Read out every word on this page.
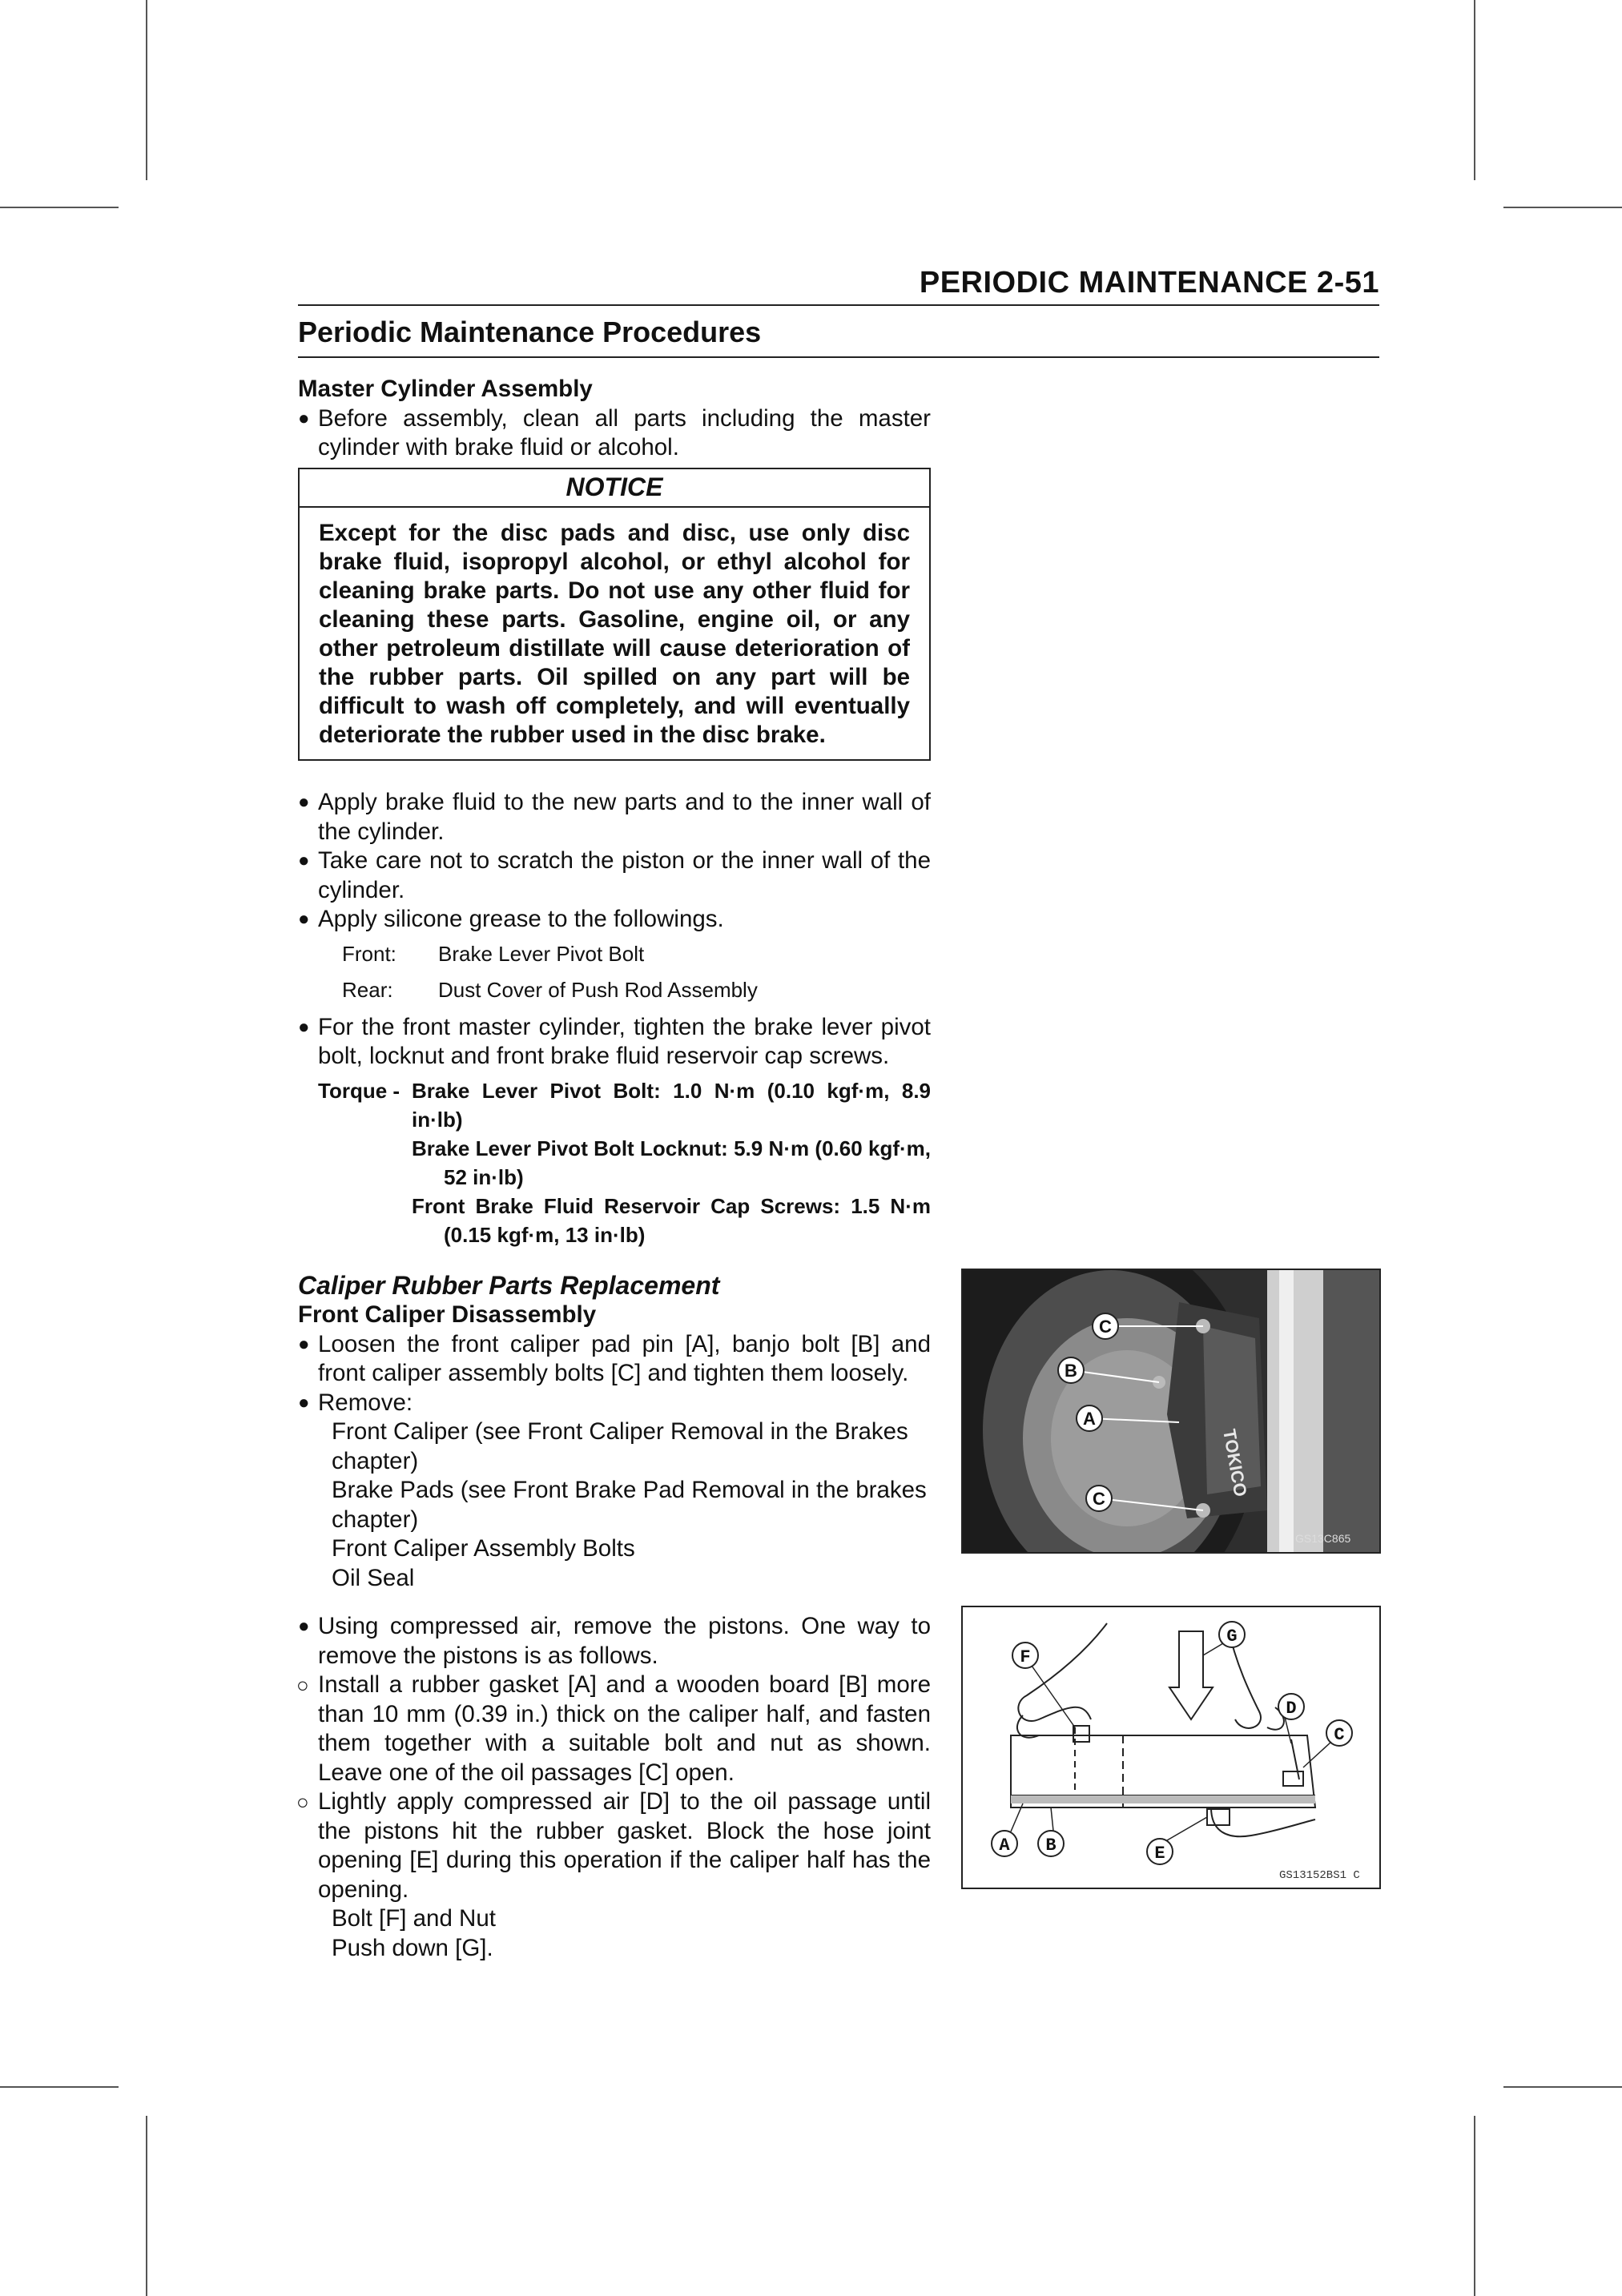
PERIODIC MAINTENANCE 2-51
Periodic Maintenance Procedures
Master Cylinder Assembly
● Before assembly, clean all parts including the master cylinder with brake fluid or alcohol.
NOTICE
Except for the disc pads and disc, use only disc brake fluid, isopropyl alcohol, or ethyl alcohol for cleaning brake parts. Do not use any other fluid for cleaning these parts. Gasoline, engine oil, or any other petroleum distillate will cause deterioration of the rubber parts. Oil spilled on any part will be difficult to wash off completely, and will eventually deteriorate the rubber used in the disc brake.
● Apply brake fluid to the new parts and to the inner wall of the cylinder.
● Take care not to scratch the piston or the inner wall of the cylinder.
● Apply silicone grease to the followings.
Front: Brake Lever Pivot Bolt
Rear: Dust Cover of Push Rod Assembly
● For the front master cylinder, tighten the brake lever pivot bolt, locknut and front brake fluid reservoir cap screws.
Torque - Brake Lever Pivot Bolt: 1.0 N·m (0.10 kgf·m, 8.9 in·lb)
Brake Lever Pivot Bolt Locknut: 5.9 N·m (0.60 kgf·m, 52 in·lb)
Front Brake Fluid Reservoir Cap Screws: 1.5 N·m (0.15 kgf·m, 13 in·lb)
Caliper Rubber Parts Replacement
Front Caliper Disassembly
● Loosen the front caliper pad pin [A], banjo bolt [B] and front caliper assembly bolts [C] and tighten them loosely.
● Remove:
Front Caliper (see Front Caliper Removal in the Brakes chapter)
Brake Pads (see Front Brake Pad Removal in the brakes chapter)
Front Caliper Assembly Bolts
Oil Seal
● Using compressed air, remove the pistons. One way to remove the pistons is as follows.
○ Install a rubber gasket [A] and a wooden board [B] more than 10 mm (0.39 in.) thick on the caliper half, and fasten them together with a suitable bolt and nut as shown. Leave one of the oil passages [C] open.
○ Lightly apply compressed air [D] to the oil passage until the pistons hit the rubber gasket. Block the hose joint opening [E] during this operation if the caliper half has the opening.
Bolt [F] and Nut
Push down [G].
TOKICO
C
B
A
C
GS13C865
F
G
D
C
A B	E
GS13152BS1 C
